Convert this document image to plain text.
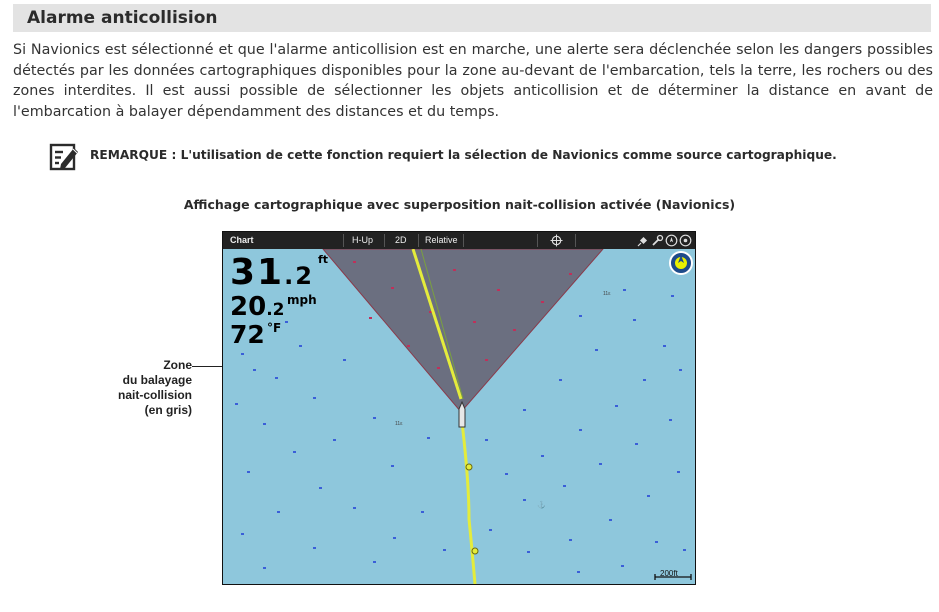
Alarme anticollision

Si Navionics est sélectionné et que l'alarme anticollision est en marche, une alerte sera déclenchée selon les dangers possibles détectés par les données cartographiques disponibles pour la zone au-devant de l'embarcation, tels la terre, les rochers ou des zones interdites. Il est aussi possible de sélectionner les objets anticollision et de déterminer la distance en avant de l'embarcation à balayer dépendamment des distances et du temps.

REMARQUE : L'utilisation de cette fonction requiert la sélection de Navionics comme source cartographique.
Affichage cartographique avec superposition nait-collision activée (Navionics)
Zone
du balayage
nait-collision
(en gris)
Chart	H-Up 2D Relative
11ε
11ε
⚓
31.2
ft
20.2 mph
72 °F
200ft
